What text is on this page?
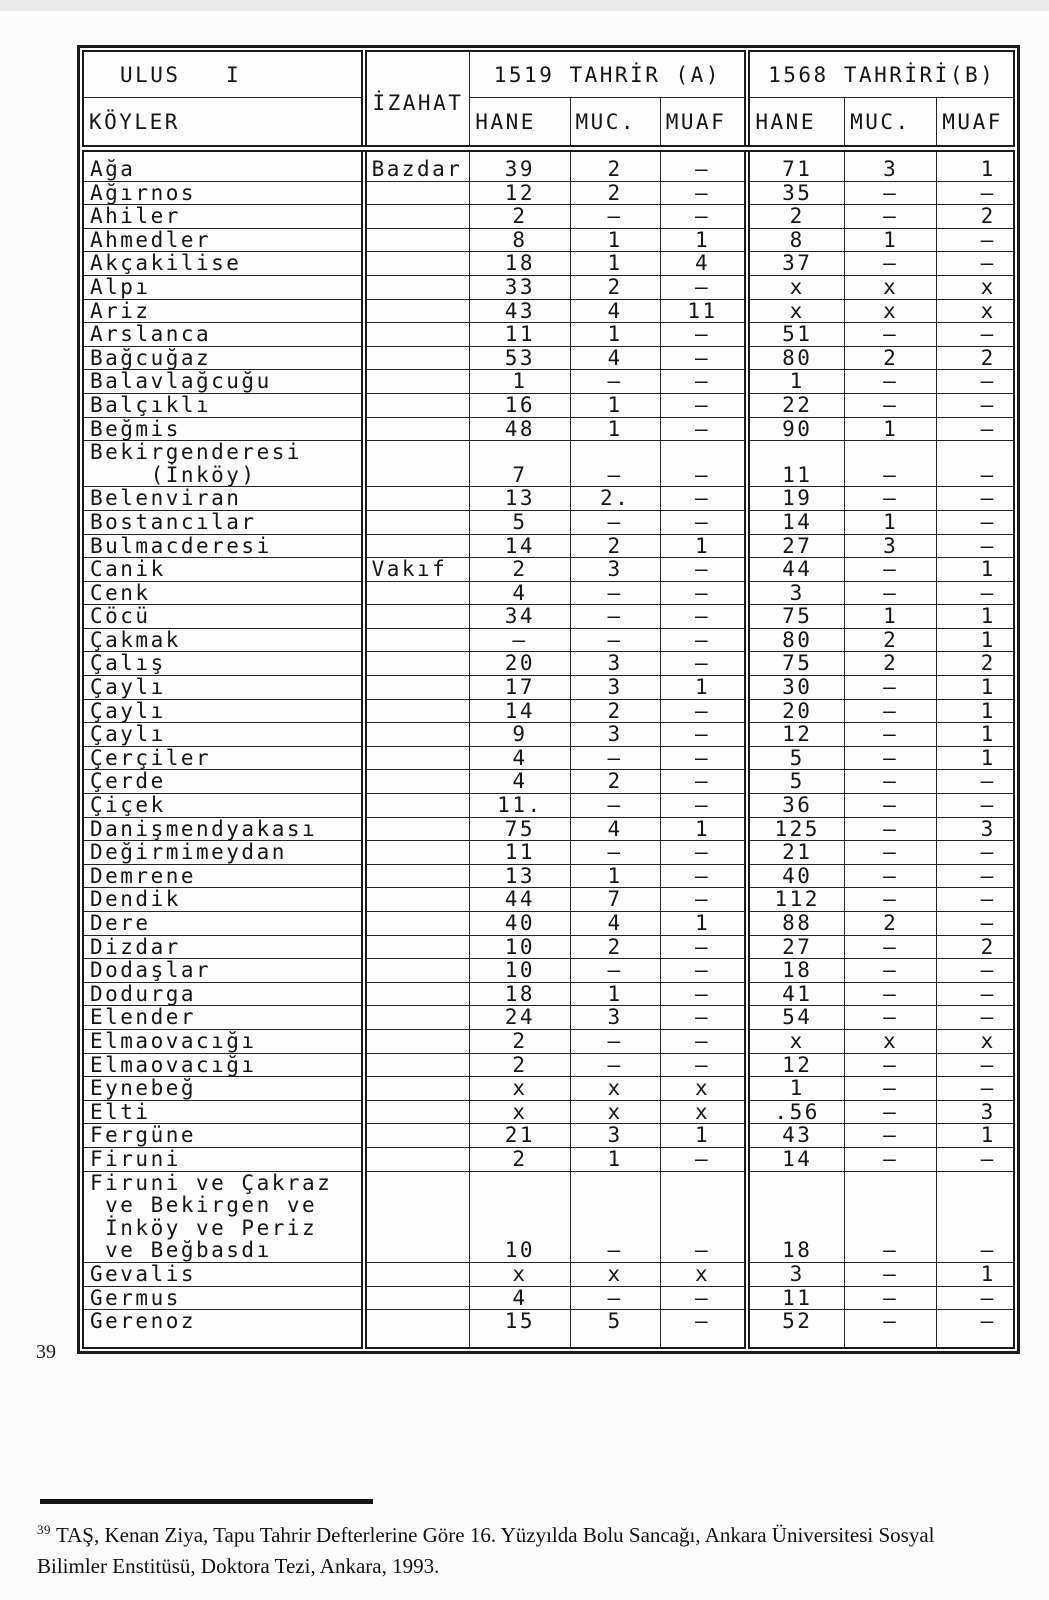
ULUS   I	İZAHAT	1519 TAHRİR (A)			1568 TAHRİRİ(B)		
KÖYLER		HANE	MUC.	MUAF	HANE	MUC.	MUAF

Ağa	Bazdar	39	2	–	71	3	1

Ağırnos		12	2	–	35	–	–

Ahiler		2	–	–	2	–	2

Ahmedler		8	1	1	8	1	–

Akçakilise		18	1	4	37	–	–

Alpı		33	2	–	x	x	x

Ariz		43	4	11	x	x	x

Arslanca		11	1	–	51	–	–

Bağcuğaz		53	4	–	80	2	2

Balavlağcuğu		1	–	–	1	–	–

Balçıklı		16	1	–	22	–	–

Beğmis		48	1	–	90	1	–

Bekirgenderesi
(İnköy)		7	–	–	11	–	–

Belenviran		13	2.	–	19	–	–

Bostancılar		5	–	–	14	1	–

Bulmacderesi		14	2	1	27	3	–

Canik	Vakıf	2	3	–	44	–	1

Cenk		4	–	–	3	–	–

Cöcü		34	–	–	75	1	1

Çakmak		–	–	–	80	2	1

Çalış		20	3	–	75	2	2

Çaylı		17	3	1	30	–	1

Çaylı		14	2	–	20	–	1

Çaylı		9	3	–	12	–	1

Çerçiler		4	–	–	5	–	1

Çerde		4	2	–	5	–	–

Çiçek		11.	–	–	36	–	–

Danişmendyakası		75	4	1	125	–	3

Değirmimeydan		11	–	–	21	–	–

Demrene		13	1	–	40	–	–

Dendik		44	7	–	112	–	–

Dere		40	4	1	88	2	–

Dizdar		10	2	–	27	–	2

Dodaşlar		10	–	–	18	–	–

Dodurga		18	1	–	41	–	–

Elender		24	3	–	54	–	–

Elmaovacığı		2	–	–	x	x	x

Elmaovacığı		2	–	–	12	–	–

Eynebeğ		x	x	x	1	–	–

Elti		x	x	x	.56	–	3

Fergüne		21	3	1	43	–	1

Firuni		2	1	–	14	–	–

Firuni ve Çakraz
ve Bekirgen ve
İnköy ve Periz
ve Beğbasdı		10	–	–	18	–	–

Gevalis		x	x	x	3	–	1

Germus		4	–	–	11	–	–

Gerenoz		15	5	–	52	–	–
39
$^{39}$ TAŞ, Kenan Ziya, Tapu Tahrir Defterlerine Göre 16. Yüzyılda Bolu Sancağı, Ankara Üniversitesi Sosyal
Bilimler Enstitüsü, Doktora Tezi, Ankara, 1993.
